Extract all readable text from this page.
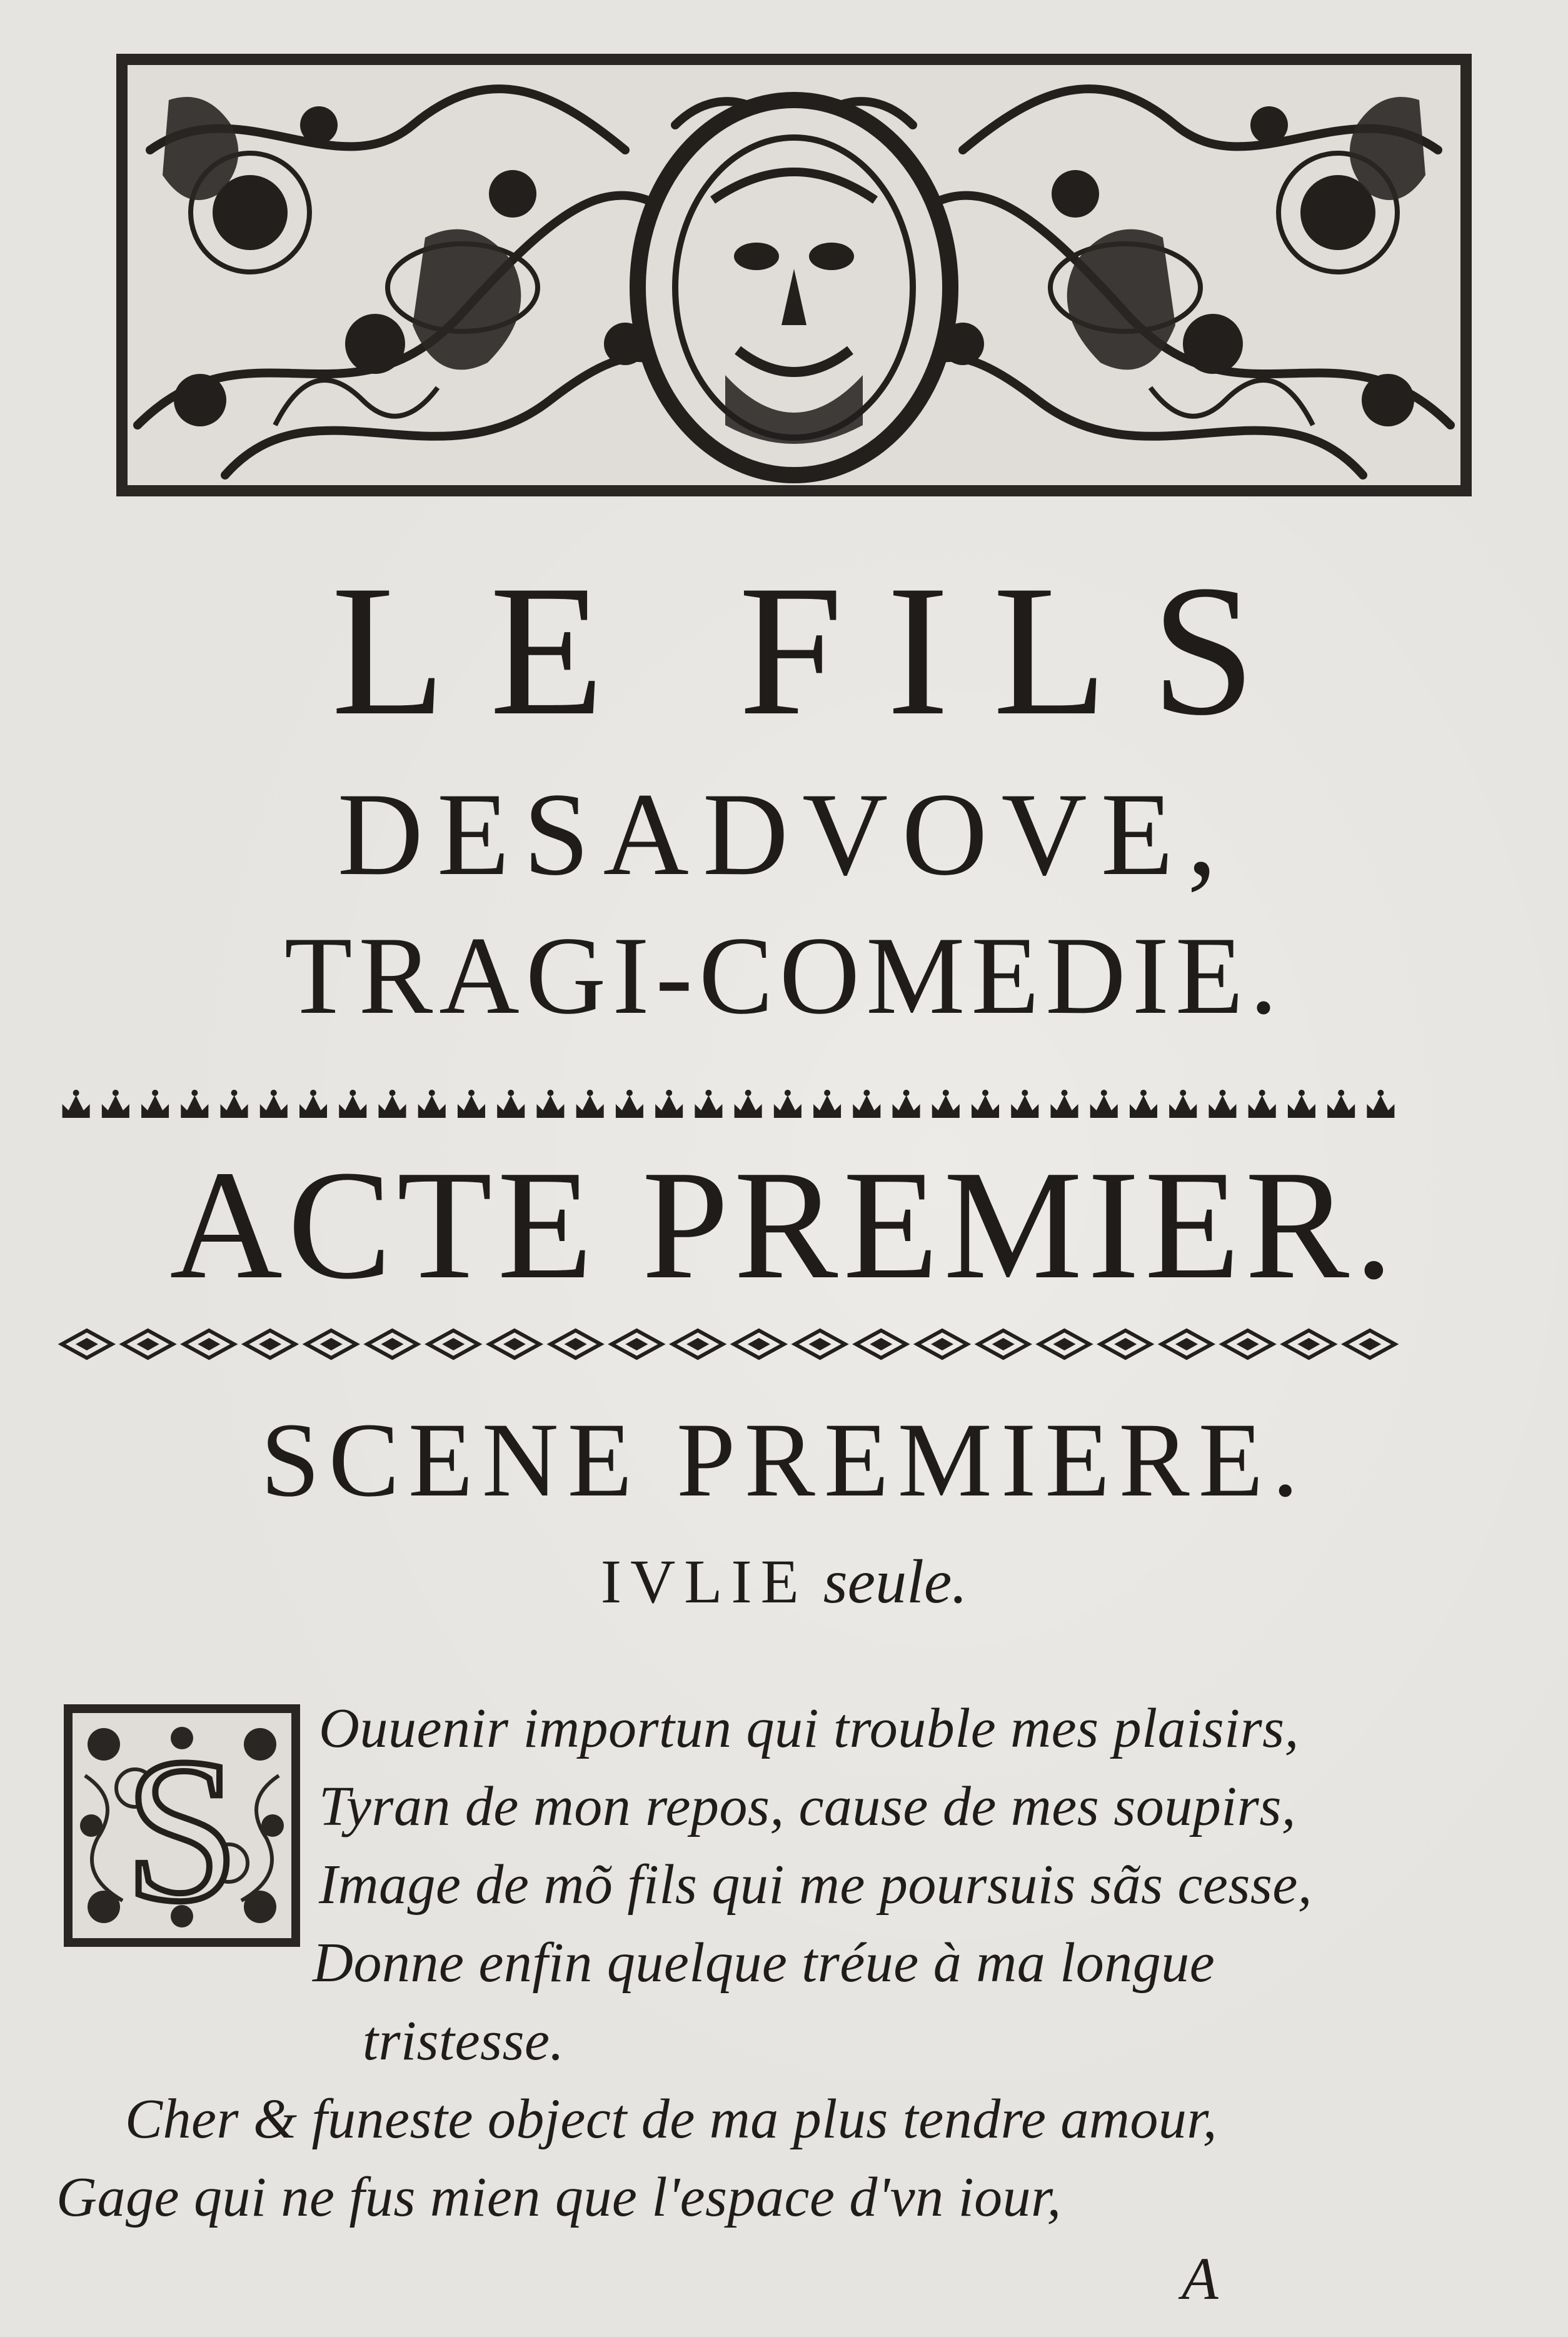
LE FILS
DESADVOVE,
TRAGI-COMEDIE.
ACTE PREMIER.
SCENE PREMIERE.
IVLIE seule.
S Ouuenir importun qui trouble mes plaisirs,
Tyran de mon repos, cause de mes soupirs,
Image de mõ fils qui me poursuis sãs cesse,
Donne enfin quelque tréue à ma longue
tristesse.
Cher & funeste object de ma plus tendre amour,
Gage qui ne fus mien que l'espace d'vn iour,
A
